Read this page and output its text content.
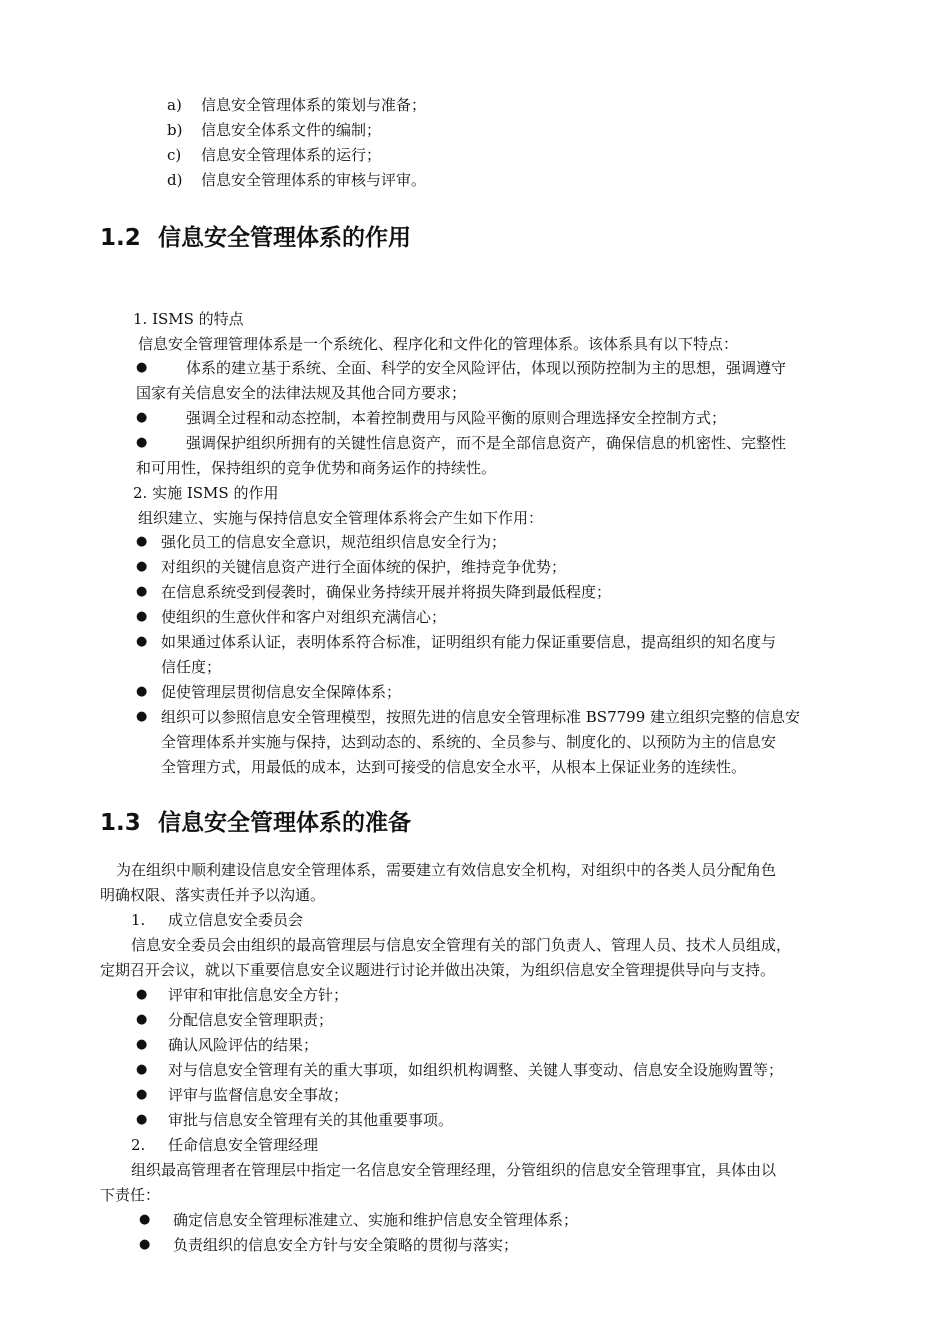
a) 信息安全管理体系的策划与准备；
b) 信息安全体系文件的编制；
c) 信息安全管理体系的运行；
d) 信息安全管理体系的审核与评审。
1.2 信息安全管理体系的作用
1. ISMS 的特点
信息安全管理管理体系是一个系统化、程序化和文件化的管理体系。该体系具有以下特点：
●	体系的建立基于系统、全面、科学的安全风险评估，体现以预防控制为主的思想，强调遵守
国家有关信息安全的法律法规及其他合同方要求；
●	强调全过程和动态控制，本着控制费用与风险平衡的原则合理选择安全控制方式；
●	强调保护组织所拥有的关键性信息资产，而不是全部信息资产，确保信息的机密性、完整性
和可用性，保持组织的竞争优势和商务运作的持续性。
2. 实施 ISMS 的作用
组织建立、实施与保持信息安全管理体系将会产生如下作用：
● 强化员工的信息安全意识，规范组织信息安全行为；
● 对组织的关键信息资产进行全面体统的保护，维持竞争优势；
● 在信息系统受到侵袭时，确保业务持续开展并将损失降到最低程度；
● 使组织的生意伙伴和客户对组织充满信心；
● 如果通过体系认证，表明体系符合标准，证明组织有能力保证重要信息，提高组织的知名度与
信任度；
● 促使管理层贯彻信息安全保障体系；
● 组织可以参照信息安全管理模型，按照先进的信息安全管理标准 BS7799 建立组织完整的信息安
全管理体系并实施与保持，达到动态的、系统的、全员参与、制度化的、以预防为主的信息安
全管理方式，用最低的成本，达到可接受的信息安全水平，从根本上保证业务的连续性。
1.3 信息安全管理体系的准备
为在组织中顺利建设信息安全管理体系，需要建立有效信息安全机构，对组织中的各类人员分配角色
明确权限、落实责任并予以沟通。
1. 成立信息安全委员会
信息安全委员会由组织的最高管理层与信息安全管理有关的部门负责人、管理人员、技术人员组成，
定期召开会议，就以下重要信息安全议题进行讨论并做出决策，为组织信息安全管理提供导向与支持。
● 评审和审批信息安全方针；
● 分配信息安全管理职责；
● 确认风险评估的结果；
● 对与信息安全管理有关的重大事项，如组织机构调整、关键人事变动、信息安全设施购置等；
● 评审与监督信息安全事故；
● 审批与信息安全管理有关的其他重要事项。
2. 任命信息安全管理经理
组织最高管理者在管理层中指定一名信息安全管理经理，分管组织的信息安全管理事宜，具体由以
下责任：
● 确定信息安全管理标准建立、实施和维护信息安全管理体系；
● 负责组织的信息安全方针与安全策略的贯彻与落实；
